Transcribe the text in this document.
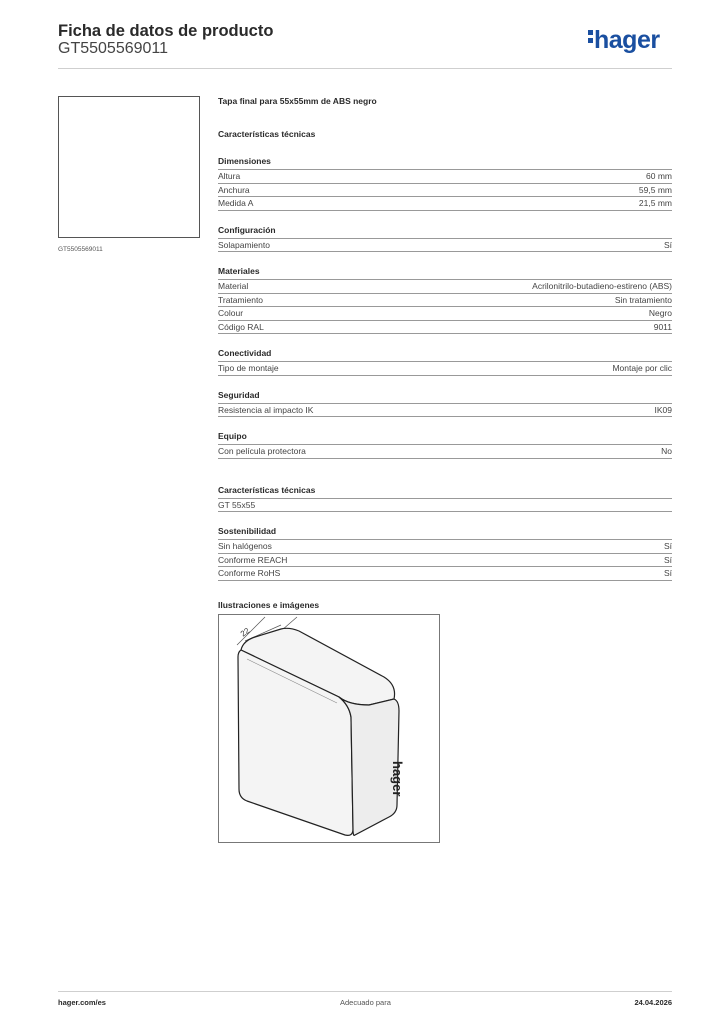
Ficha de datos de producto
GT5505569011	hager
GT5505569011
Tapa final para 55x55mm de ABS negro
Características técnicas
Dimensiones
Altura	60 mm
Anchura	59,5 mm
Medida A	21,5 mm
Configuración
Solapamiento	Sí
Materiales
Material	Acrilonitrilo-butadieno-estireno (ABS)
Tratamiento	Sin tratamiento
Colour	Negro
Código RAL	9011
Conectividad
Tipo de montaje	Montaje por clic
Seguridad
Resistencia al impacto IK	IK09
Equipo
Con película protectora	No
Características técnicas
GT 55x55
Sostenibilidad
Sin halógenos	Sí
Conforme REACH	Sí
Conforme RoHS	Sí
Ilustraciones e imágenes
22
hager
hager.com/es	Adecuado para	24.04.2026
